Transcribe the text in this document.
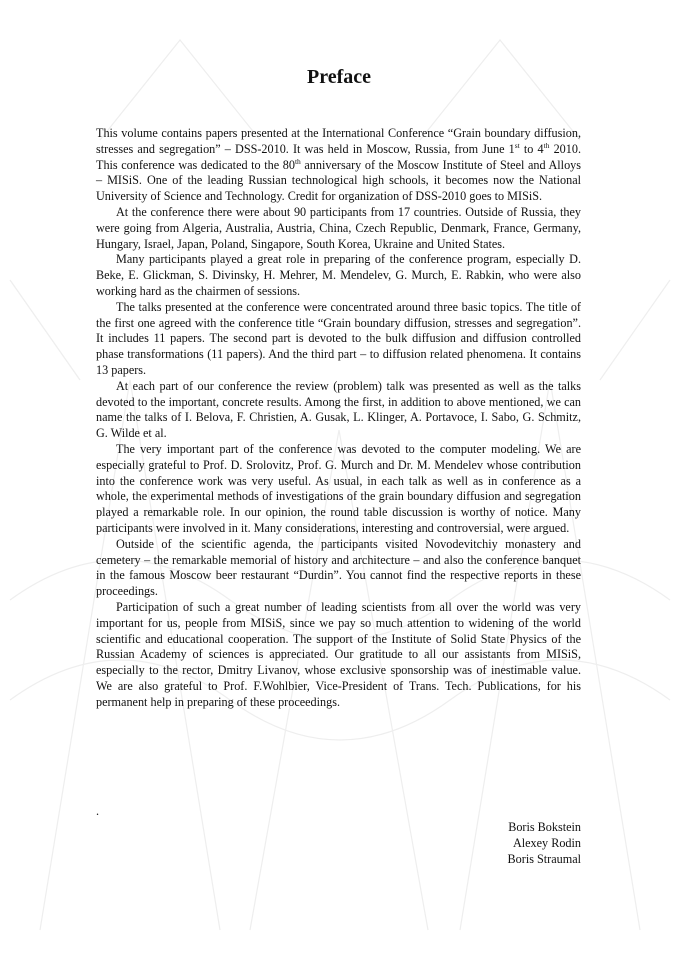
Preface

This volume contains papers presented at the International Conference “Grain boundary diffusion, stresses and segregation” – DSS-2010. It was held in Moscow, Russia, from June 1st to 4th 2010. This conference was dedicated to the 80th anniversary of the Moscow Institute of Steel and Alloys – MISiS. One of the leading Russian technological high schools, it becomes now the National University of Science and Technology. Credit for organization of DSS-2010 goes to MISiS.

At the conference there were about 90 participants from 17 countries. Outside of Russia, they were going from Algeria, Australia, Austria, China, Czech Republic, Denmark, France, Germany, Hungary, Israel, Japan, Poland, Singapore, South Korea, Ukraine and United States.

Many participants played a great role in preparing of the conference program, especially D. Beke, E. Glickman, S. Divinsky, H. Mehrer, M. Mendelev, G. Murch, E. Rabkin, who were also working hard as the chairmen of sessions.

The talks presented at the conference were concentrated around three basic topics. The title of the first one agreed with the conference title “Grain boundary diffusion, stresses and segregation”. It includes 11 papers. The second part is devoted to the bulk diffusion and diffusion controlled phase transformations (11 papers). And the third part – to diffusion related phenomena. It contains 13 papers.

At each part of our conference the review (problem) talk was presented as well as the talks devoted to the important, concrete results. Among the first, in addition to above mentioned, we can name the talks of I. Belova, F. Christien, A. Gusak, L. Klinger, A. Portavoce, I. Sabo, G. Schmitz, G. Wilde et al.

The very important part of the conference was devoted to the computer modeling. We are especially grateful to Prof. D. Srolovitz, Prof. G. Murch and Dr. M. Mendelev whose contribution into the conference work was very useful. As usual, in each talk as well as in conference as a whole, the experimental methods of investigations of the grain boundary diffusion and segregation played a remarkable role. In our opinion, the round table discussion is worthy of notice. Many participants were involved in it. Many considerations, interesting and controversial, were argued.

Outside of the scientific agenda, the participants visited Novodevitchiy monastery and cemetery – the remarkable memorial of history and architecture – and also the conference banquet in the famous Moscow beer restaurant “Durdin”. You cannot find the respective reports in these proceedings.

Participation of such a great number of leading scientists from all over the world was very important for us, people from MISiS, since we pay so much attention to widening of the world scientific and educational cooperation. The support of the Institute of Solid State Physics of the Russian Academy of sciences is appreciated. Our gratitude to all our assistants from MISiS, especially to the rector, Dmitry Livanov, whose exclusive sponsorship was of inestimable value. We are also grateful to Prof. F.Wohlbier, Vice-President of Trans. Tech. Publications, for his permanent help in preparing of these proceedings.

.
Boris Bokstein
Alexey Rodin
Boris Straumal
